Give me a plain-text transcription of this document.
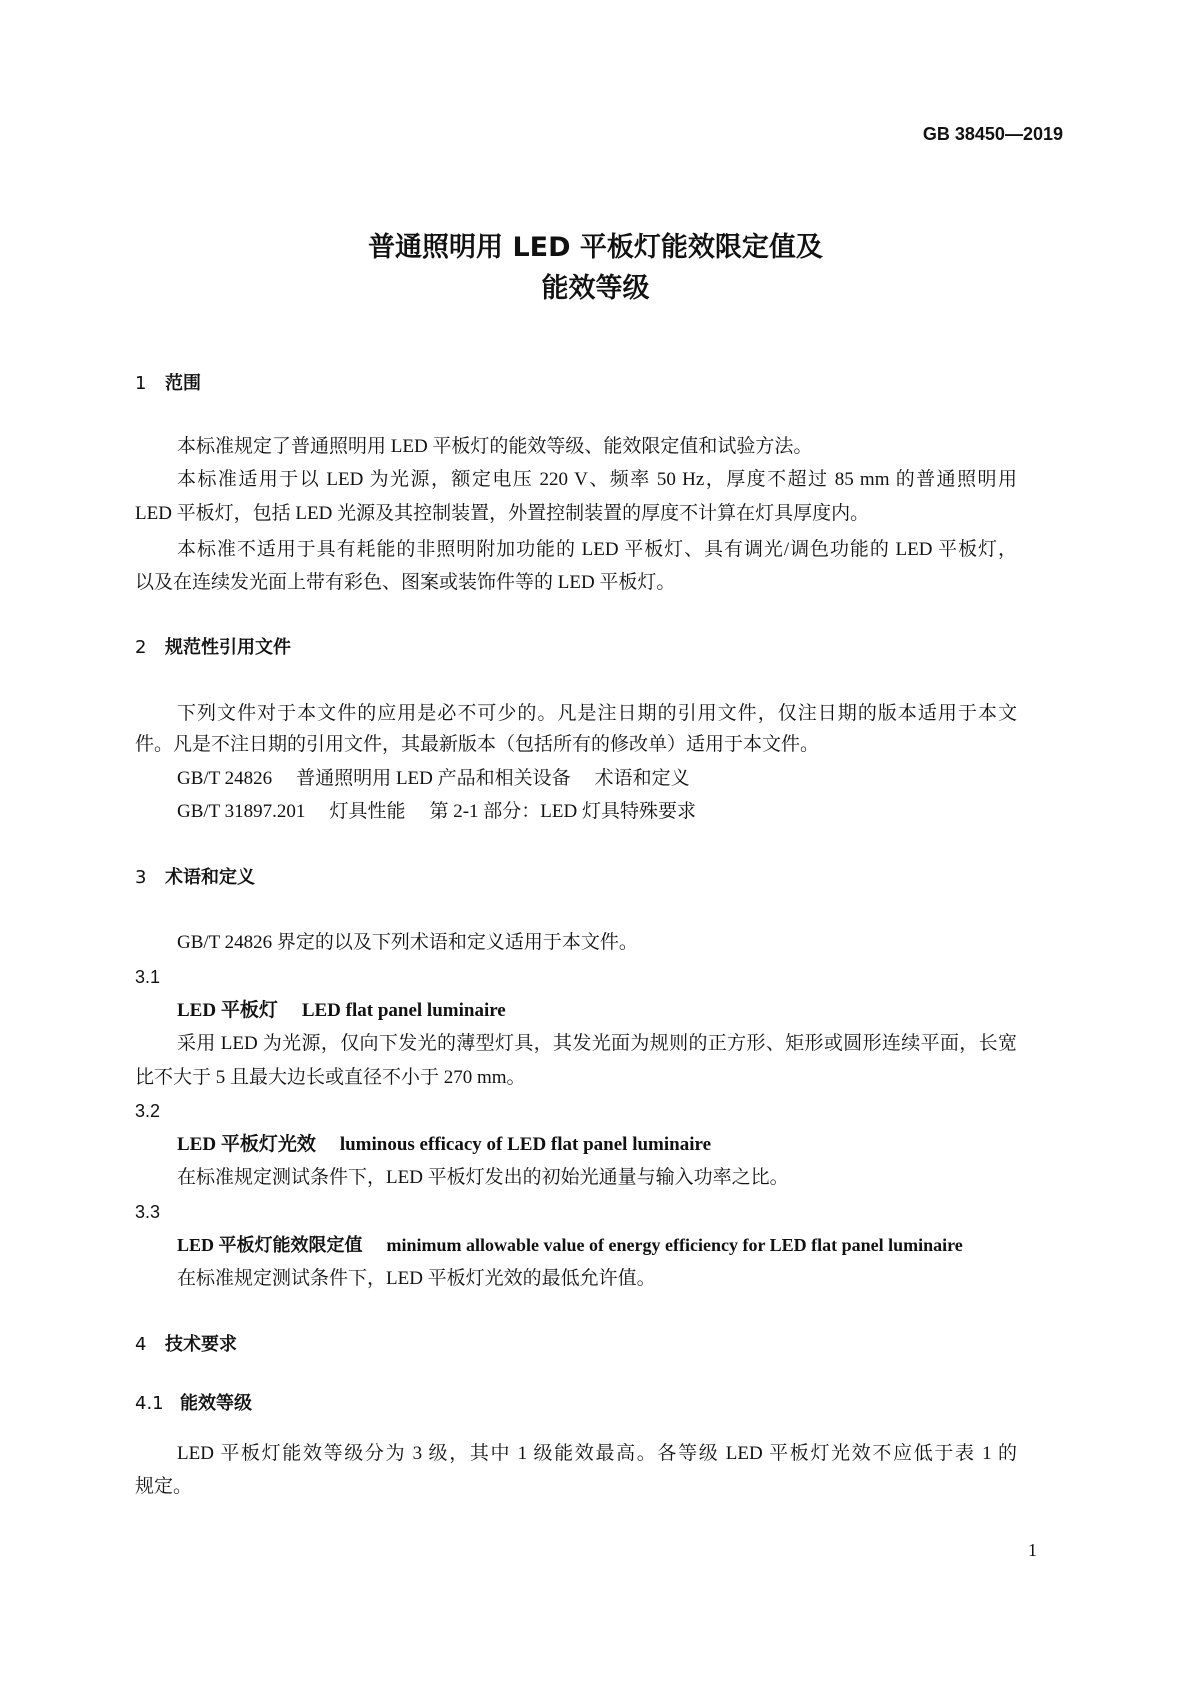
GB 38450—2019
普通照明用 LED 平板灯能效限定值及
能效等级
1 范围
本标准规定了普通照明用 LED 平板灯的能效等级、能效限定值和试验方法。
本标准适用于以 LED 为光源，额定电压 220 V、频率 50 Hz，厚度不超过 85 mm 的普通照明用
LED 平板灯，包括 LED 光源及其控制装置，外置控制装置的厚度不计算在灯具厚度内。
本标准不适用于具有耗能的非照明附加功能的 LED 平板灯、具有调光/调色功能的 LED 平板灯，
以及在连续发光面上带有彩色、图案或装饰件等的 LED 平板灯。
2 规范性引用文件
下列文件对于本文件的应用是必不可少的。凡是注日期的引用文件，仅注日期的版本适用于本文
件。凡是不注日期的引用文件，其最新版本（包括所有的修改单）适用于本文件。
GB/T 24826 普通照明用 LED 产品和相关设备 术语和定义
GB/T 31897.201 灯具性能 第 2-1 部分：LED 灯具特殊要求
3 术语和定义
GB/T 24826 界定的以及下列术语和定义适用于本文件。
3.1
LED 平板灯 LED flat panel luminaire
采用 LED 为光源，仅向下发光的薄型灯具，其发光面为规则的正方形、矩形或圆形连续平面，长宽
比不大于 5 且最大边长或直径不小于 270 mm。
3.2
LED 平板灯光效 luminous efficacy of LED flat panel luminaire
在标准规定测试条件下，LED 平板灯发出的初始光通量与输入功率之比。
3.3
LED 平板灯能效限定值 minimum allowable value of energy efficiency for LED flat panel luminaire
在标准规定测试条件下，LED 平板灯光效的最低允许值。
4 技术要求
4.1 能效等级
LED 平板灯能效等级分为 3 级，其中 1 级能效最高。各等级 LED 平板灯光效不应低于表 1 的
规定。
1
